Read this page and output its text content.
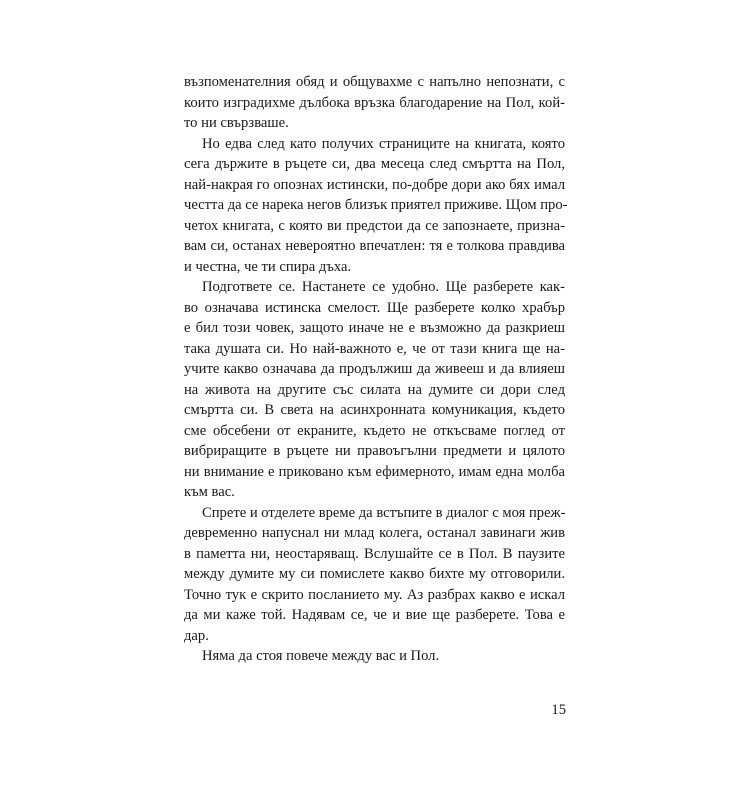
възпоменателния обяд и общувахме с напълно непознати, с
които изградихме дълбока връзка благодарение на Пол, кой-
то ни свързваше.
Но едва след като получих страниците на книгата, която
сега държите в ръцете си, два месеца след смъртта на Пол,
най-накрая го опознах истински, по-добре дори ако бях имал
честта да се нарека негов близък приятел приживе. Щом про-
четох книгата, с която ви предстои да се запознаете, призна-
вам си, останах невероятно впечатлен: тя е толкова правдива
и честна, че ти спира дъха.
Подгответе се. Настанете се удобно. Ще разберете как-
во означава истинска смелост. Ще разберете колко храбър
е бил този човек, защото иначе не е възможно да разкриеш
така душата си. Но най-важното е, че от тази книга ще на-
учите какво означава да продължиш да живееш и да влияеш
на живота на другите със силата на думите си дори след
смъртта си. В света на асинхронната комуникация, където
сме обсебени от екраните, където не откъсваме поглед от
вибриращите в ръцете ни правоъгълни предмети и цялото
ни внимание е приковано към ефимерното, имам една молба
към вас.
Спрете и отделете време да встъпите в диалог с моя преж-
девременно напуснал ни млад колега, останал завинаги жив
в паметта ни, неостаряващ. Вслушайте се в Пол. В паузите
между думите му си помислете какво бихте му отговорили.
Точно тук е скрито посланието му. Аз разбрах какво е искал
да ми каже той. Надявам се, че и вие ще разберете. Това е
дар.
Няма да стоя повече между вас и Пол.
15
